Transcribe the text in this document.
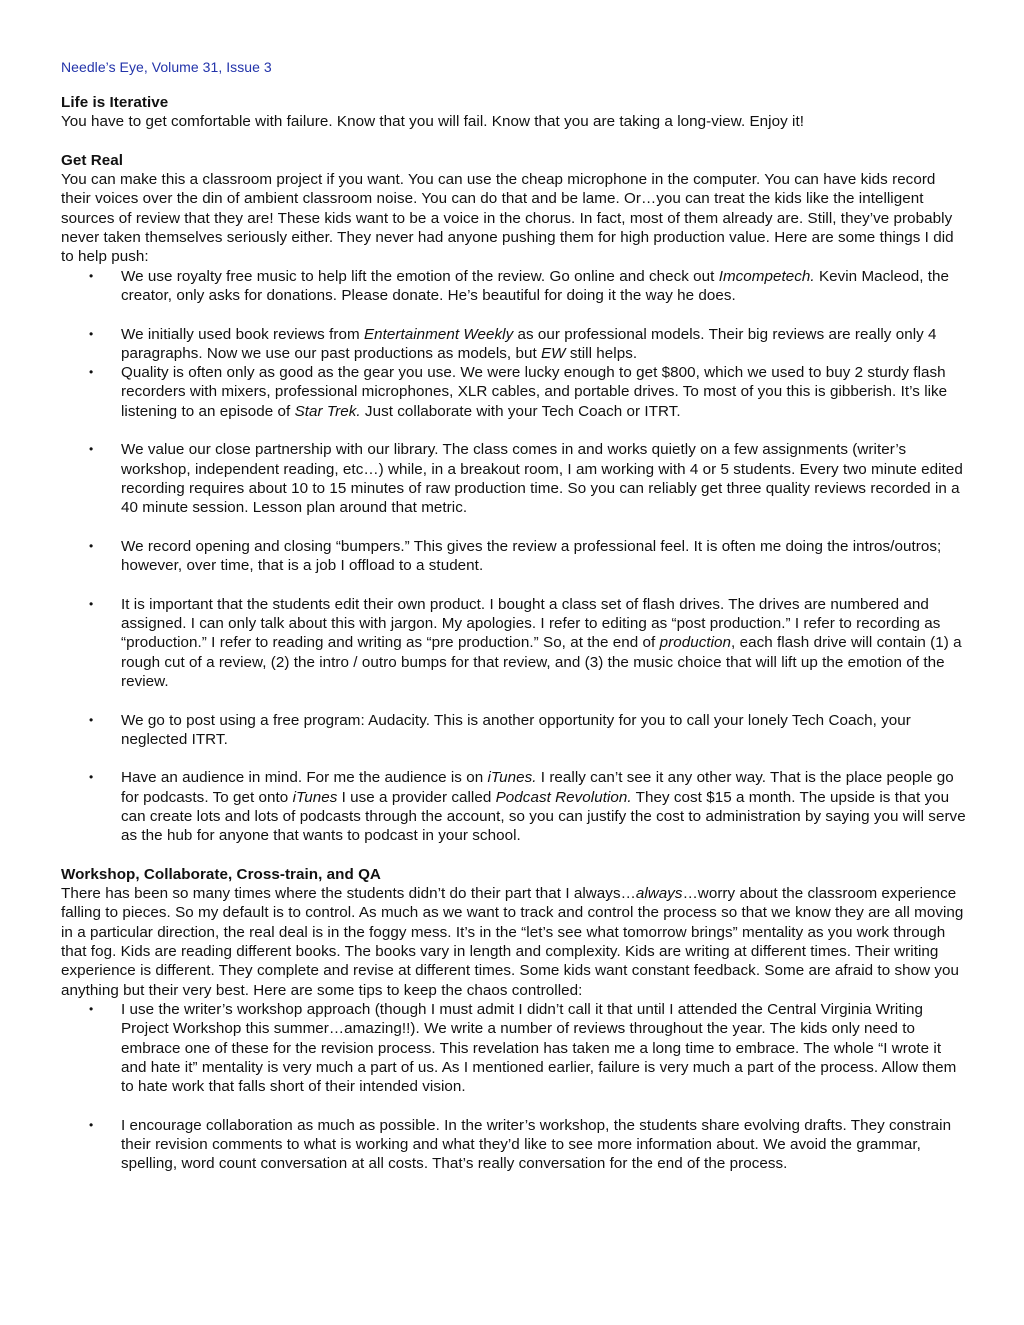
Needle’s Eye, Volume 31, Issue 3

Life is Iterative

You have to get comfortable with failure. Know that you will fail. Know that you are taking a long-view. Enjoy it!

Get Real

You can make this a classroom project if you want. You can use the cheap microphone in the computer. You can have kids record their voices over the din of ambient classroom noise. You can do that and be lame. Or…you can treat the kids like the intelligent sources of review that they are! These kids want to be a voice in the chorus. In fact, most of them already are. Still, they’ve probably never taken themselves seriously either. They never had anyone pushing them for high production value. Here are some things I did to help push:

• We use royalty free music to help lift the emotion of the review. Go online and check out Imcompetech. Kevin Macleod, the creator, only asks for donations. Please donate. He’s beautiful for doing it the way he does.
• We initially used book reviews from Entertainment Weekly as our professional models. Their big reviews are really only 4 paragraphs. Now we use our past productions as models, but EW still helps.
• Quality is often only as good as the gear you use. We were lucky enough to get $800, which we used to buy 2 sturdy flash recorders with mixers, professional microphones, XLR cables, and portable drives. To most of you this is gibberish. It’s like listening to an episode of Star Trek. Just collaborate with your Tech Coach or ITRT.
• We value our close partnership with our library. The class comes in and works quietly on a few assignments (writer’s workshop, independent reading, etc…) while, in a breakout room, I am working with 4 or 5 students. Every two minute edited recording requires about 10 to 15 minutes of raw production time. So you can reliably get three quality reviews recorded in a 40 minute session. Lesson plan around that metric.
• We record opening and closing “bumpers.” This gives the review a professional feel. It is often me doing the intros/outros; however, over time, that is a job I offload to a student.
• It is important that the students edit their own product. I bought a class set of flash drives. The drives are numbered and assigned. I can only talk about this with jargon. My apologies. I refer to editing as “post production.” I refer to recording as “production.” I refer to reading and writing as “pre production.” So, at the end of production, each flash drive will contain (1) a rough cut of a review, (2) the intro / outro bumps for that review, and (3) the music choice that will lift up the emotion of the review.
• We go to post using a free program: Audacity. This is another opportunity for you to call your lonely Tech Coach, your neglected ITRT.
• Have an audience in mind. For me the audience is on iTunes. I really can’t see it any other way. That is the place people go for podcasts. To get onto iTunes I use a provider called Podcast Revolution. They cost $15 a month. The upside is that you can create lots and lots of podcasts through the account, so you can justify the cost to administration by saying you will serve as the hub for anyone that wants to podcast in your school.
Workshop, Collaborate, Cross-train, and QA

There has been so many times where the students didn’t do their part that I always…always…worry about the classroom experience falling to pieces. So my default is to control. As much as we want to track and control the process so that we know they are all moving in a particular direction, the real deal is in the foggy mess. It’s in the “let’s see what tomorrow brings” mentality as you work through that fog. Kids are reading different books. The books vary in length and complexity. Kids are writing at different times. Their writing experience is different. They complete and revise at different times. Some kids want constant feedback. Some are afraid to show you anything but their very best. Here are some tips to keep the chaos controlled:

• I use the writer’s workshop approach (though I must admit I didn’t call it that until I attended the Central Virginia Writing Project Workshop this summer…amazing!!). We write a number of reviews throughout the year. The kids only need to embrace one of these for the revision process. This revelation has taken me a long time to embrace. The whole “I wrote it and hate it” mentality is very much a part of us. As I mentioned earlier, failure is very much a part of the process. Allow them to hate work that falls short of their intended vision.
• I encourage collaboration as much as possible. In the writer’s workshop, the students share evolving drafts. They constrain their revision comments to what is working and what they’d like to see more information about. We avoid the grammar, spelling, word count conversation at all costs. That’s really conversation for the end of the process.
